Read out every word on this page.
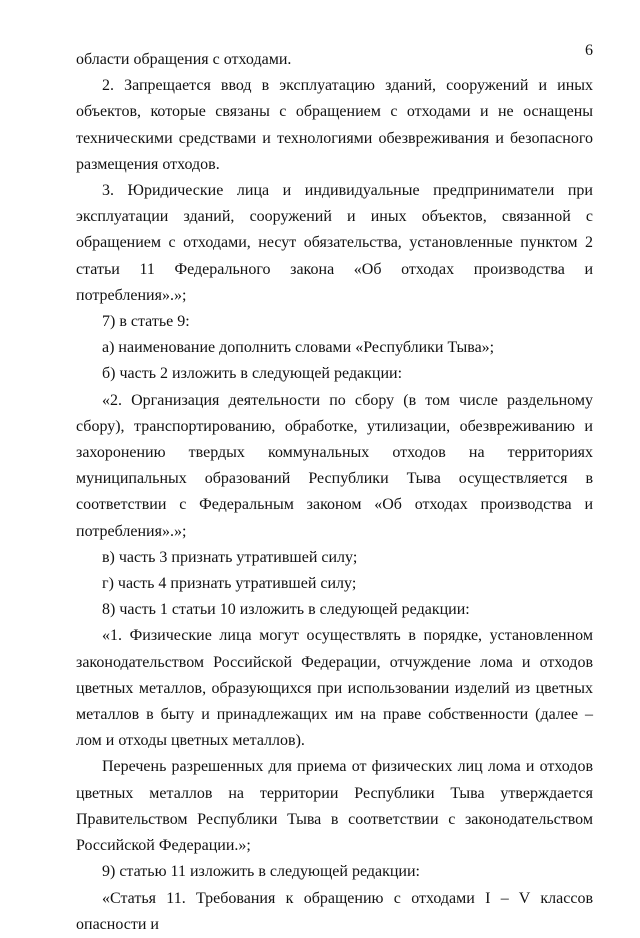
6

области обращения с отходами.

2. Запрещается ввод в эксплуатацию зданий, сооружений и иных объектов, которые связаны с обращением с отходами и не оснащены техническими средствами и технологиями обезвреживания и безопасного размещения отходов.

3. Юридические лица и индивидуальные предприниматели при эксплуатации зданий, сооружений и иных объектов, связанной с обращением с отходами, несут обязательства, установленные пунктом 2 статьи 11 Федерального закона «Об отходах производства и потребления».»;

7) в статье 9:

а) наименование дополнить словами «Республики Тыва»;

б) часть 2 изложить в следующей редакции:

«2. Организация деятельности по сбору (в том числе раздельному сбору), транспортированию, обработке, утилизации, обезвреживанию и захоронению твердых коммунальных отходов на территориях муниципальных образований Республики Тыва осуществляется в соответствии с Федеральным законом «Об отходах производства и потребления».»;

в) часть 3 признать утратившей силу;

г) часть 4 признать утратившей силу;

8) часть 1 статьи 10 изложить в следующей редакции:

«1. Физические лица могут осуществлять в порядке, установленном законодательством Российской Федерации, отчуждение лома и отходов цветных металлов, образующихся при использовании изделий из цветных металлов в быту и принадлежащих им на праве собственности (далее – лом и отходы цветных металлов).

Перечень разрешенных для приема от физических лиц лома и отходов цветных металлов на территории Республики Тыва утверждается Правительством Республики Тыва в соответствии с законодательством Российской Федерации.»;

9) статью 11 изложить в следующей редакции:

«Статья 11. Требования к обращению с отходами I – V классов опасности и
